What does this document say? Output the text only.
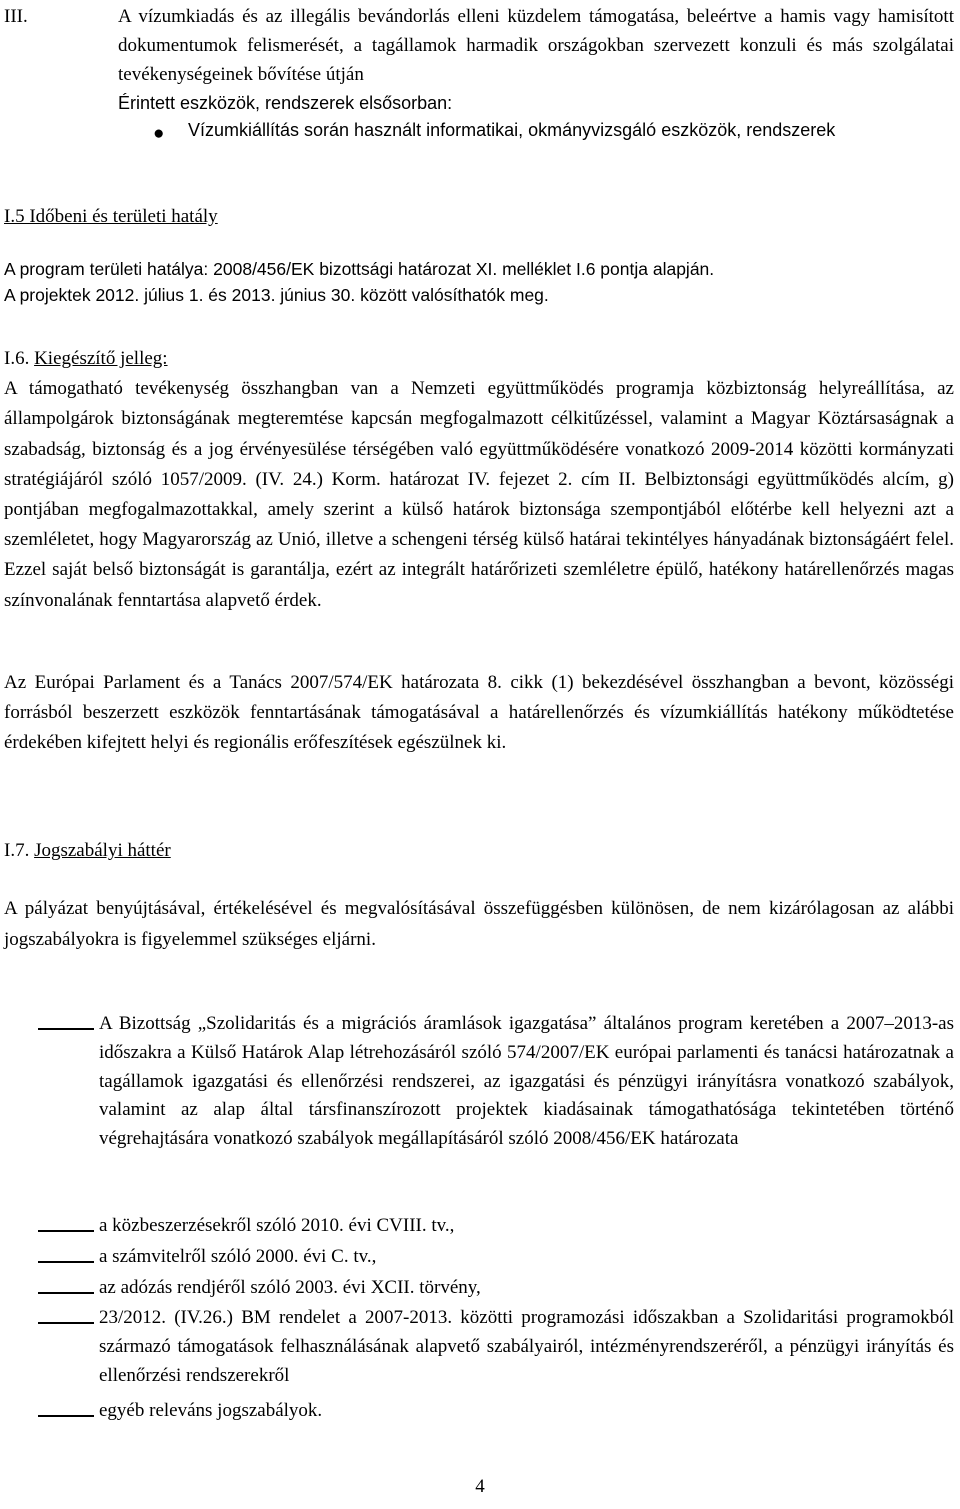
III.	A vízumkiadás és az illegális bevándorlás elleni küzdelem támogatása, beleértve a hamis vagy hamisított dokumentumok felismerését, a tagállamok harmadik országokban szervezett konzuli és más szolgálatai tevékenységeinek bővítése útján
Érintett eszközök, rendszerek elsősorban:
●	Vízumkiállítás során használt informatikai, okmányvizsgáló eszközök, rendszerek
I.5 Időbeni és területi hatály
A program területi hatálya: 2008/456/EK bizottsági határozat XI. melléklet I.6 pontja alapján.
A projektek 2012. július 1. és 2013. június 30. között valósíthatók meg.
I.6. Kiegészítő jelleg:
A támogatható tevékenység összhangban van a Nemzeti együttműködés programja közbiztonság helyreállítása, az állampolgárok biztonságának megteremtése kapcsán megfogalmazott célkitűzéssel, valamint a Magyar Köztársaságnak a szabadság, biztonság és a jog érvényesülése térségében való együttműködésére vonatkozó 2009-2014 közötti kormányzati stratégiájáról szóló 1057/2009. (IV. 24.) Korm. határozat IV. fejezet 2. cím II. Belbiztonsági együttműködés alcím, g) pontjában megfogalmazottakkal, amely szerint a külső határok biztonsága szempontjából előtérbe kell helyezni azt a szemléletet, hogy Magyarország az Unió, illetve a schengeni térség külső határai tekintélyes hányadának biztonságáért felel. Ezzel saját belső biztonságát is garantálja, ezért az integrált határőrizeti szemléletre épülő, hatékony határellenőrzés magas színvonalának fenntartása alapvető érdek.
Az Európai Parlament és a Tanács 2007/574/EK határozata 8. cikk (1) bekezdésével összhangban a bevont, közösségi forrásból beszerzett eszközök fenntartásának támogatásával a határellenőrzés és vízumkiállítás hatékony működtetése érdekében kifejtett helyi és regionális erőfeszítések egészülnek ki.
I.7. Jogszabályi háttér
A pályázat benyújtásával, értékelésével és megvalósításával összefüggésben különösen, de nem kizárólagosan az alábbi jogszabályokra is figyelemmel szükséges eljárni.
A Bizottság „Szolidaritás és a migrációs áramlások igazgatása” általános program keretében a 2007–2013-as időszakra a Külső Határok Alap létrehozásáról szóló 574/2007/EK európai parlamenti és tanácsi határozatnak a tagállamok igazgatási és ellenőrzési rendszerei, az igazgatási és pénzügyi irányításra vonatkozó szabályok, valamint az alap által társfinanszírozott projektek kiadásainak támogathatósága tekintetében történő végrehajtására vonatkozó szabályok megállapításáról szóló 2008/456/EK határozata
a közbeszerzésekről szóló 2010. évi CVIII. tv.,
a számvitelről szóló 2000. évi C. tv.,
az adózás rendjéről szóló 2003. évi XCII. törvény,
23/2012. (IV.26.) BM rendelet a 2007-2013. közötti programozási időszakban a Szolidaritási programokból származó támogatások felhasználásának alapvető szabályairól, intézményrendszeréről, a pénzügyi irányítás és ellenőrzési rendszerekről
egyéb releváns jogszabályok.
4
